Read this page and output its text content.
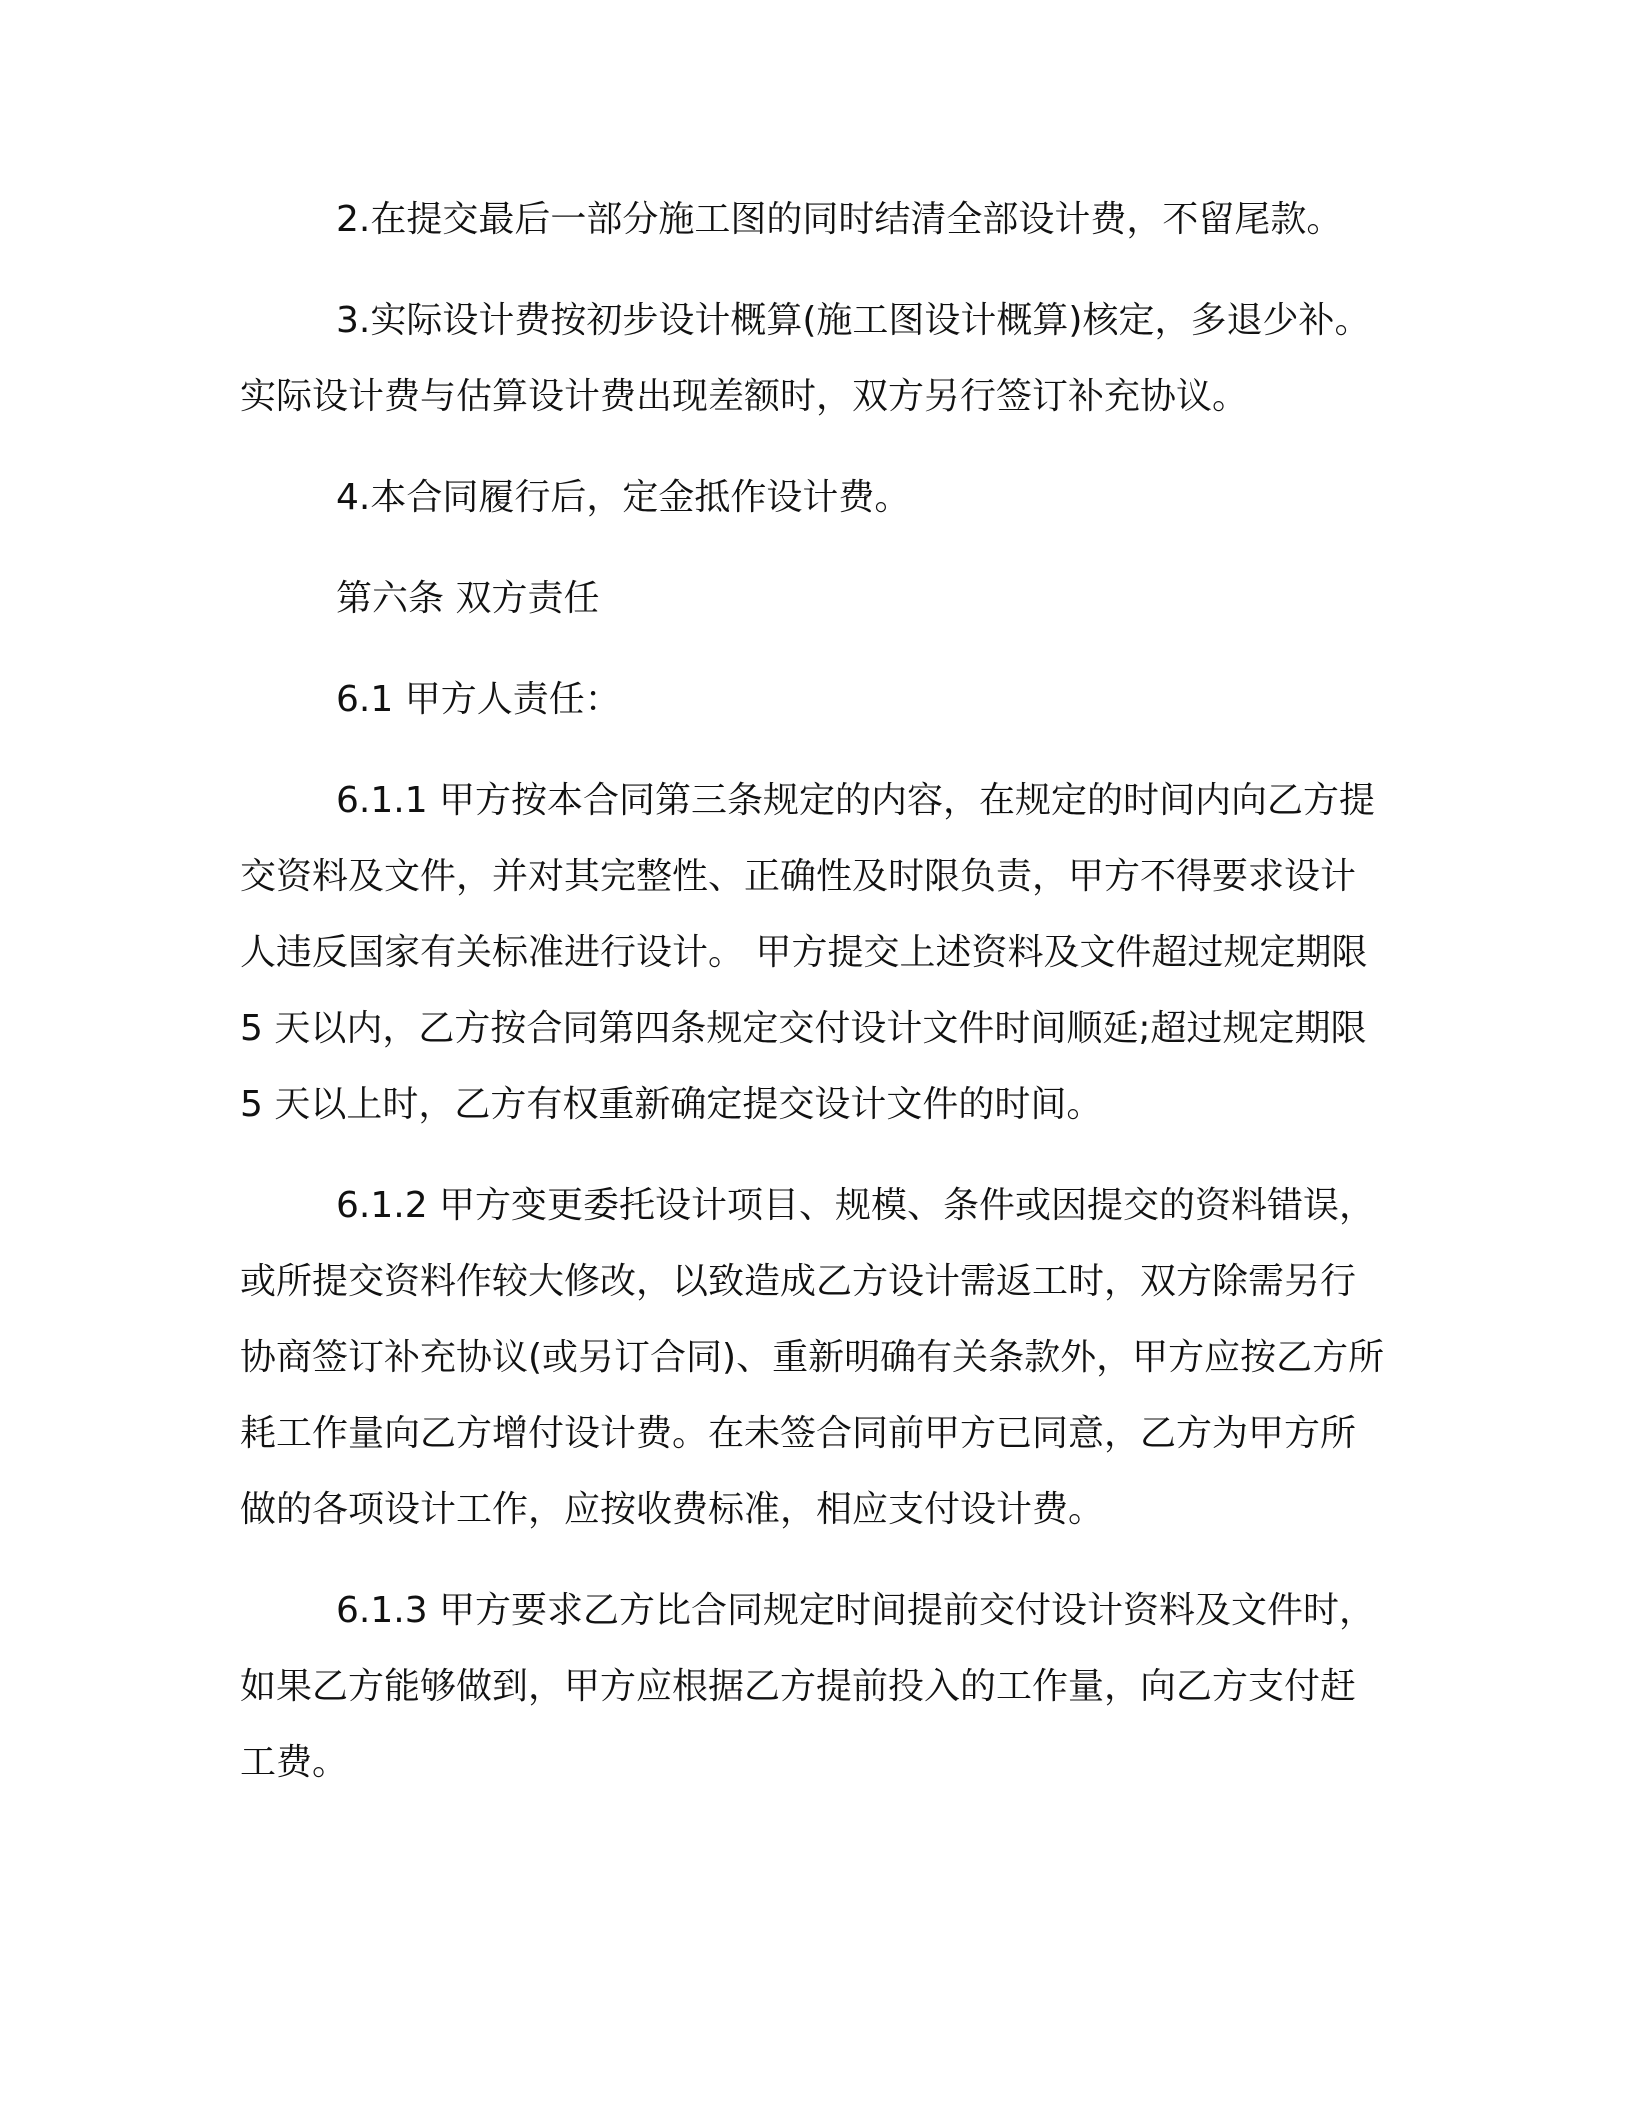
2.在提交最后一部分施工图的同时结清全部设计费，不留尾款。

3.实际设计费按初步设计概算(施工图设计概算)核定，多退少补。实际设计费与估算设计费出现差额时，双方另行签订补充协议。

4.本合同履行后，定金抵作设计费。

第六条 双方责任

6.1 甲方人责任：

6.1.1 甲方按本合同第三条规定的内容，在规定的时间内向乙方提交资料及文件，并对其完整性、正确性及时限负责，甲方不得要求设计人违反国家有关标准进行设计。 甲方提交上述资料及文件超过规定期限 5 天以内，乙方按合同第四条规定交付设计文件时间顺延;超过规定期限 5 天以上时，乙方有权重新确定提交设计文件的时间。

6.1.2 甲方变更委托设计项目、规模、条件或因提交的资料错误，或所提交资料作较大修改，以致造成乙方设计需返工时，双方除需另行协商签订补充协议(或另订合同)、重新明确有关条款外，甲方应按乙方所耗工作量向乙方增付设计费。在未签合同前甲方已同意，乙方为甲方所做的各项设计工作，应按收费标准，相应支付设计费。

6.1.3 甲方要求乙方比合同规定时间提前交付设计资料及文件时，如果乙方能够做到，甲方应根据乙方提前投入的工作量，向乙方支付赶工费。
